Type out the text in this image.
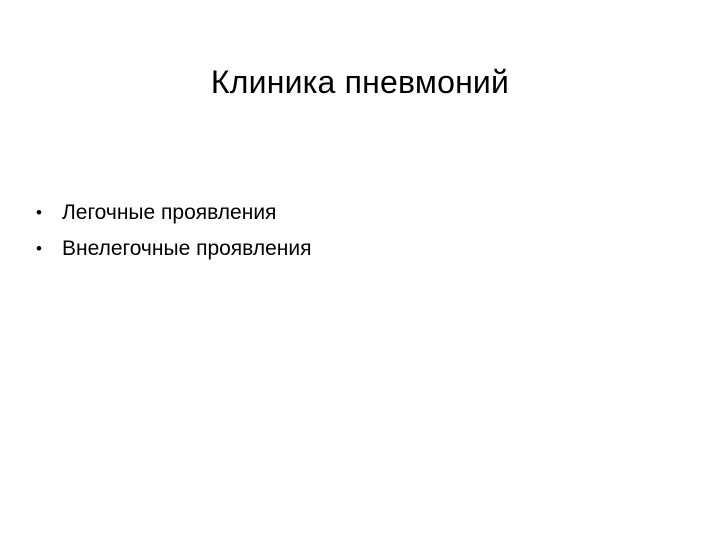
Клиника пневмоний
• Легочные проявления
• Внелегочные проявления
